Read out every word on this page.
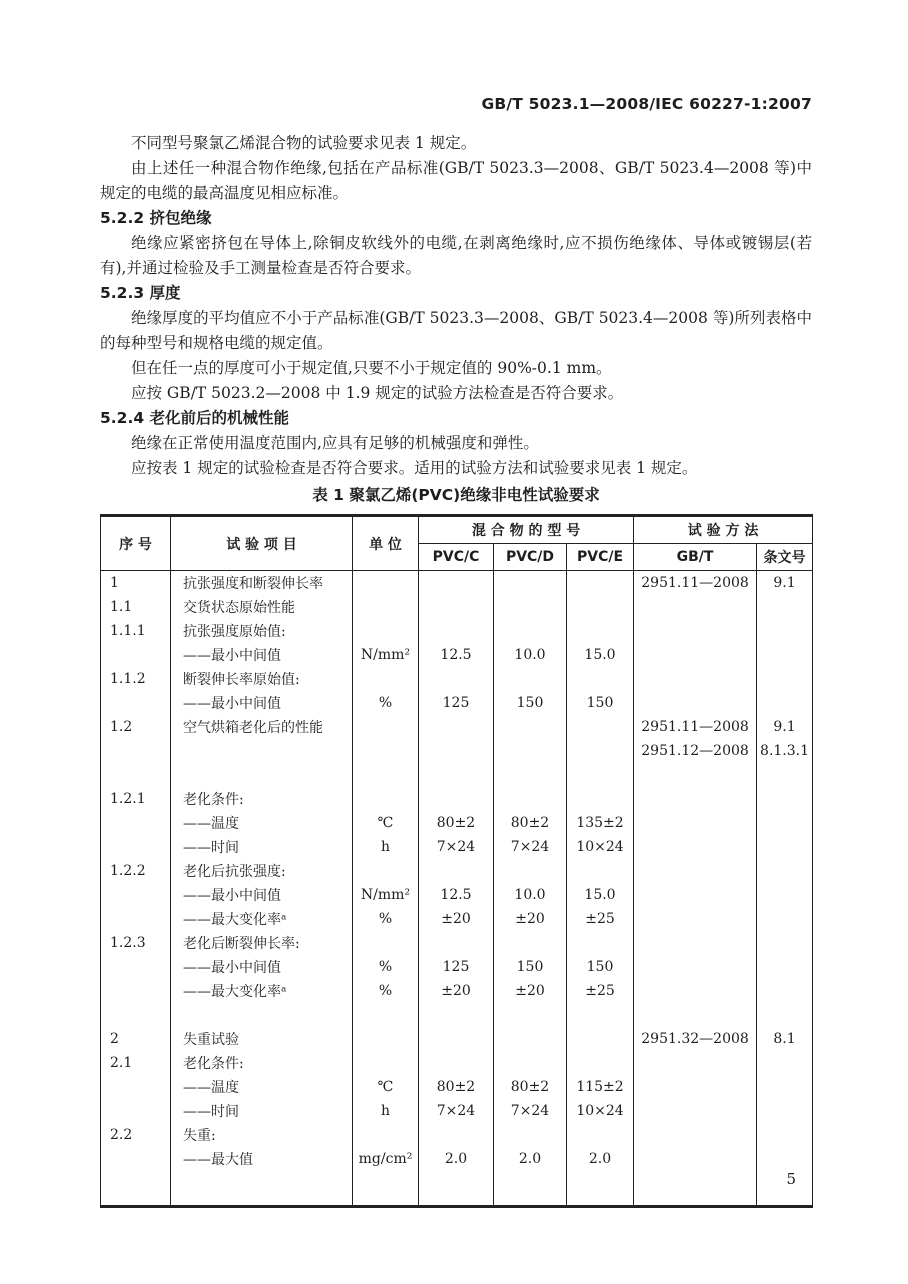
GB/T 5023.1—2008/IEC 60227-1:2007
不同型号聚氯乙烯混合物的试验要求见表 1 规定。
由上述任一种混合物作绝缘,包括在产品标准(GB/T 5023.3—2008、GB/T 5023.4—2008 等)中规定的电缆的最高温度见相应标准。
5.2.2 挤包绝缘
绝缘应紧密挤包在导体上,除铜皮软线外的电缆,在剥离绝缘时,应不损伤绝缘体、导体或镀锡层(若有),并通过检验及手工测量检查是否符合要求。
5.2.3 厚度
绝缘厚度的平均值应不小于产品标准(GB/T 5023.3—2008、GB/T 5023.4—2008 等)所列表格中的每种型号和规格电缆的规定值。
但在任一点的厚度可小于规定值,只要不小于规定值的 90%-0.1 mm。
应按 GB/T 5023.2—2008 中 1.9 规定的试验方法检查是否符合要求。
5.2.4 老化前后的机械性能
绝缘在正常使用温度范围内,应具有足够的机械强度和弹性。
应按表 1 规定的试验检查是否符合要求。适用的试验方法和试验要求见表 1 规定。
表 1 聚氯乙烯(PVC)绝缘非电性试验要求
序 号	试 验 项 目	单 位	混 合 物 的 型 号			试 验 方 法	
			PVC/C	PVC/D	PVC/E	GB/T	条文号
1	抗张强度和断裂伸长率					2951.11—2008	9.1
1.1	交货状态原始性能						
1.1.1	抗张强度原始值:						
	——最小中间值	N/mm²	12.5	10.0	15.0		
1.1.2	断裂伸长率原始值:						
	——最小中间值	%	125	150	150		
1.2	空气烘箱老化后的性能					2951.11—2008	9.1
						2951.12—2008	8.1.3.1

1.2.1	老化条件:						
	——温度	℃	80±2	80±2	135±2		
	——时间	h	7×24	7×24	10×24		
1.2.2	老化后抗张强度:						
	——最小中间值	N/mm²	12.5	10.0	15.0		
	——最大变化率ᵃ	%	±20	±20	±25		
1.2.3	老化后断裂伸长率:						
	——最小中间值	%	125	150	150		
	——最大变化率ᵃ	%	±20	±20	±25		

2	失重试验					2951.32—2008	8.1
2.1	老化条件:						
	——温度	℃	80±2	80±2	115±2		
	——时间	h	7×24	7×24	10×24		
2.2	失重:						
	——最大值	mg/cm²	2.0	2.0	2.0		

5
